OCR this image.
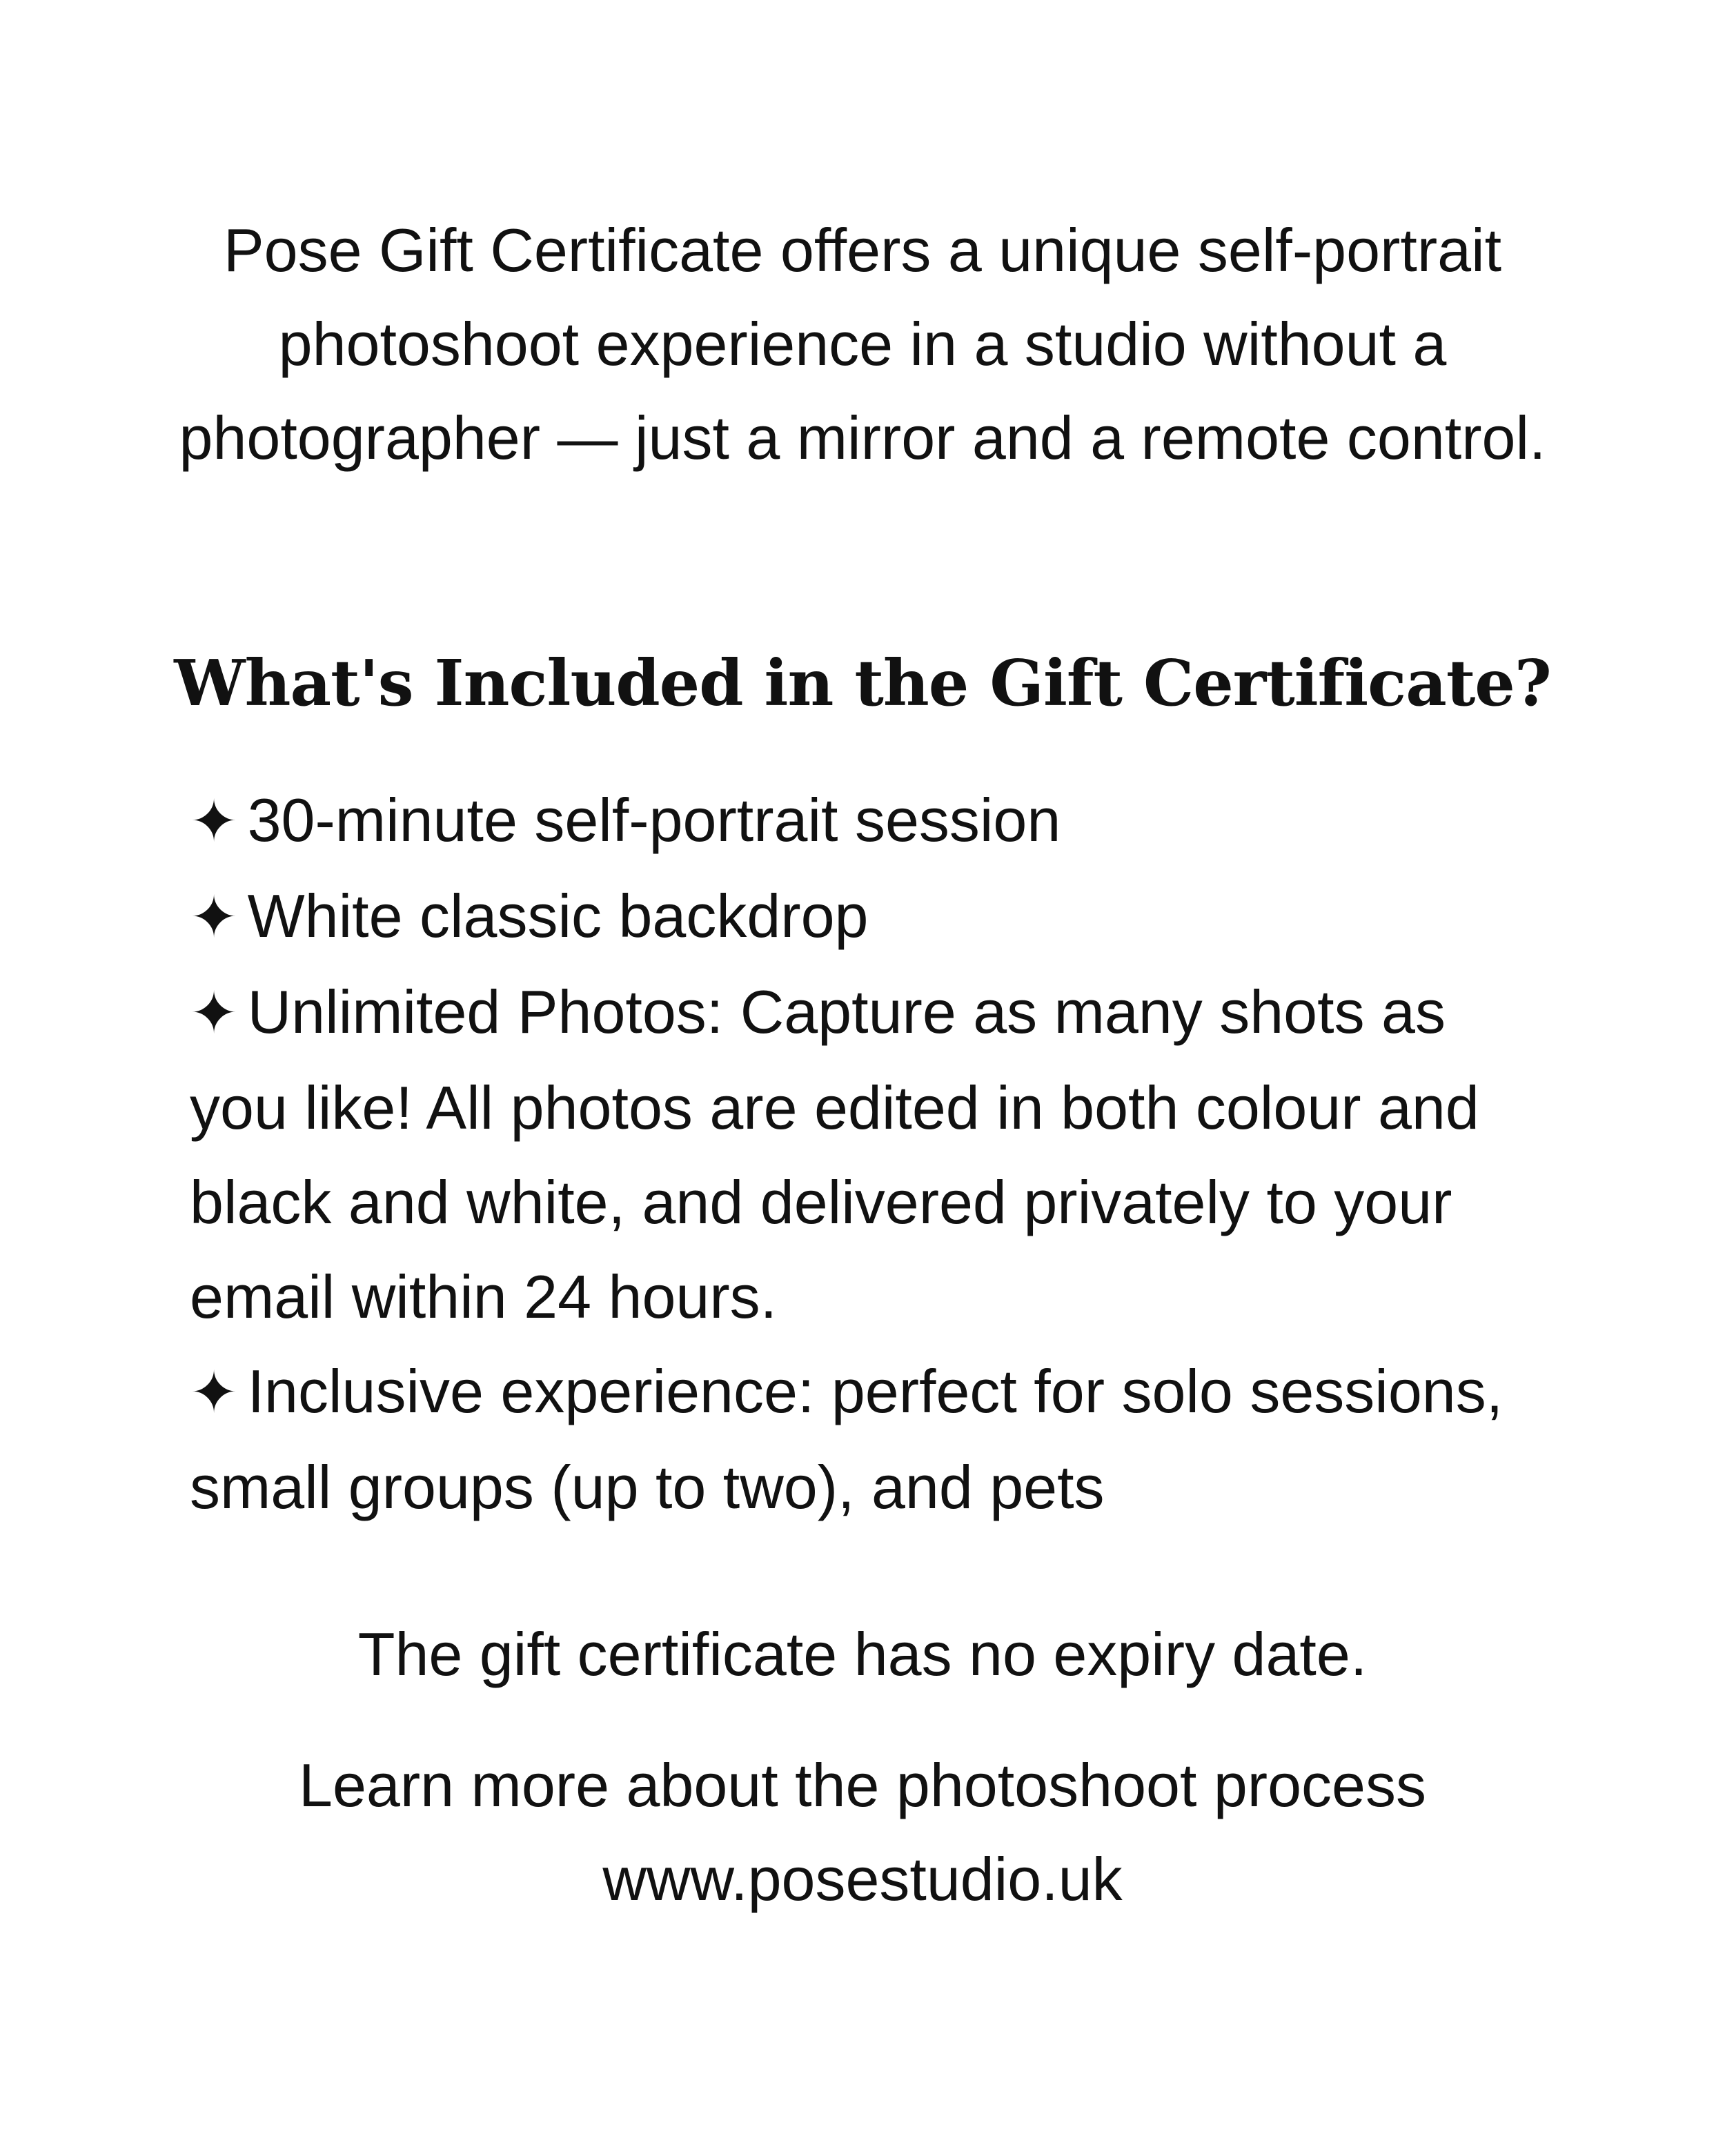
Pose Gift Certificate offers a unique self-portrait photoshoot experience in a studio without a photographer — just a mirror and a remote control.

What's Included in the Gift Certificate?
✦ 30-minute self-portrait session
✦ White classic backdrop
✦ Unlimited Photos: Capture as many shots as you like! All photos are edited in both colour and black and white, and delivered privately to your email within 24 hours.
✦ Inclusive experience: perfect for solo sessions, small groups (up to two), and pets

The gift certificate has no expiry date.

Learn more about the photoshoot process
www.posestudio.uk
